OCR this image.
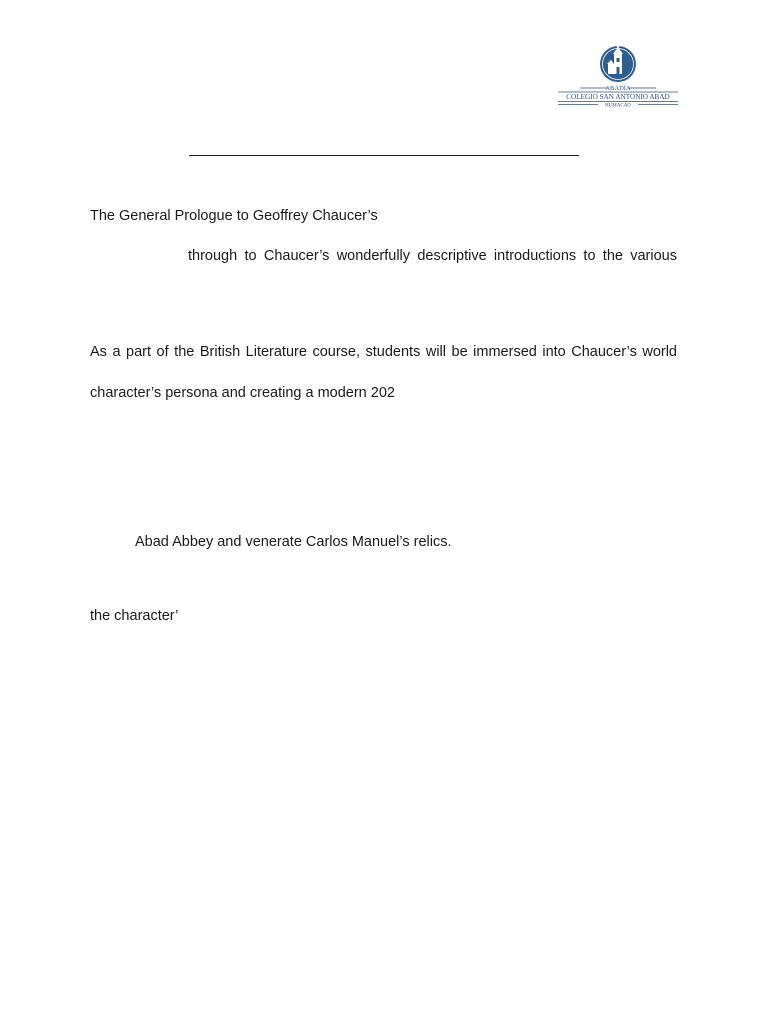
ABADÍA
COLEGIO SAN ANTONIO ABAD
HUMACAO
The General Prologue to Geoffrey Chaucer’s
through to Chaucer’s wonderfully descriptive introductions to the various
As a part of the British Literature course, students will be immersed into Chaucer’s world
character’s persona and creating a modern 202
Abad Abbey and venerate Carlos Manuel’s relics.
the character’
